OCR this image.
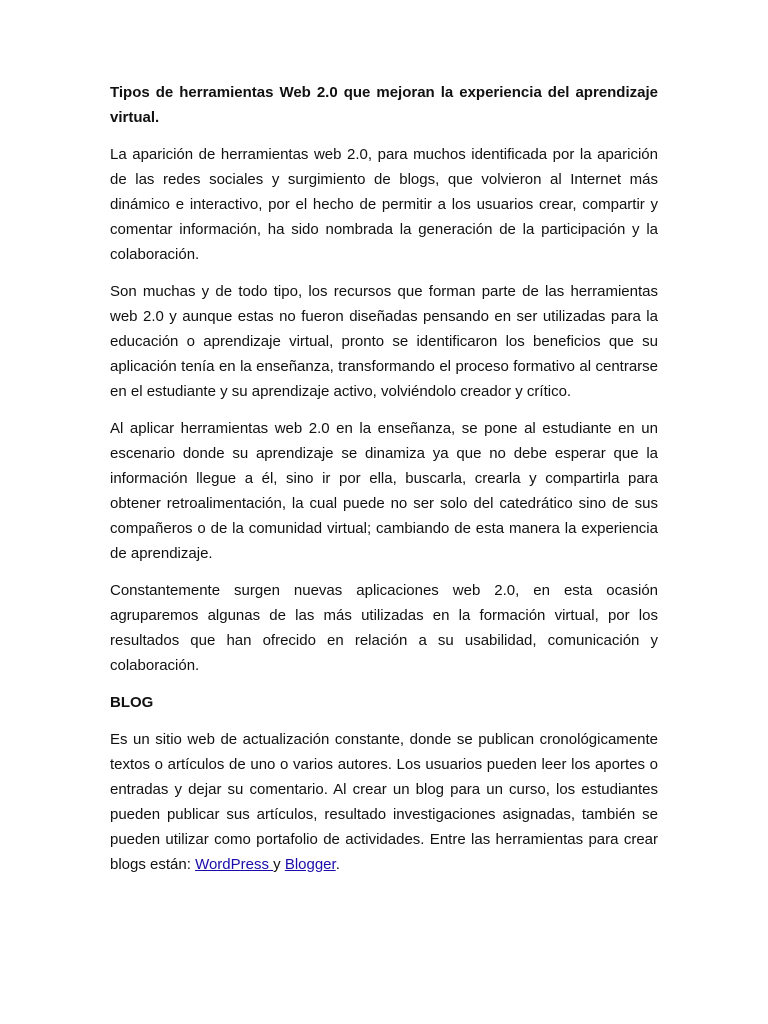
Tipos de herramientas Web 2.0 que mejoran la experiencia del aprendizaje virtual.

La aparición de herramientas web 2.0, para muchos identificada por la aparición de las redes sociales y surgimiento de blogs, que volvieron al Internet más dinámico e interactivo, por el hecho de permitir a los usuarios crear, compartir y comentar información, ha sido nombrada la generación de la participación y la colaboración.

Son muchas y de todo tipo, los recursos que forman parte de las herramientas web 2.0 y aunque estas no fueron diseñadas pensando en ser utilizadas para la educación o aprendizaje virtual, pronto se identificaron los beneficios que su aplicación tenía en la enseñanza, transformando el proceso formativo al centrarse en el estudiante y su aprendizaje activo, volviéndolo creador y crítico.

Al aplicar herramientas web 2.0 en la enseñanza, se pone al estudiante en un escenario donde su aprendizaje se dinamiza ya que no debe esperar que la información llegue a él, sino ir por ella, buscarla, crearla y compartirla para obtener retroalimentación, la cual puede no ser solo del catedrático sino de sus compañeros o de la comunidad virtual; cambiando de esta manera la experiencia de aprendizaje.

Constantemente surgen nuevas aplicaciones web 2.0, en esta ocasión agruparemos algunas de las más utilizadas en la formación virtual, por los resultados que han ofrecido en relación a su usabilidad, comunicación y colaboración.

BLOG

Es un sitio web de actualización constante, donde se publican cronológicamente textos o artículos de uno o varios autores. Los usuarios pueden leer los aportes o entradas y dejar su comentario. Al crear un blog para un curso, los estudiantes pueden publicar sus artículos, resultado investigaciones asignadas, también se pueden utilizar como portafolio de actividades. Entre las herramientas para crear blogs están: WordPress y Blogger.
